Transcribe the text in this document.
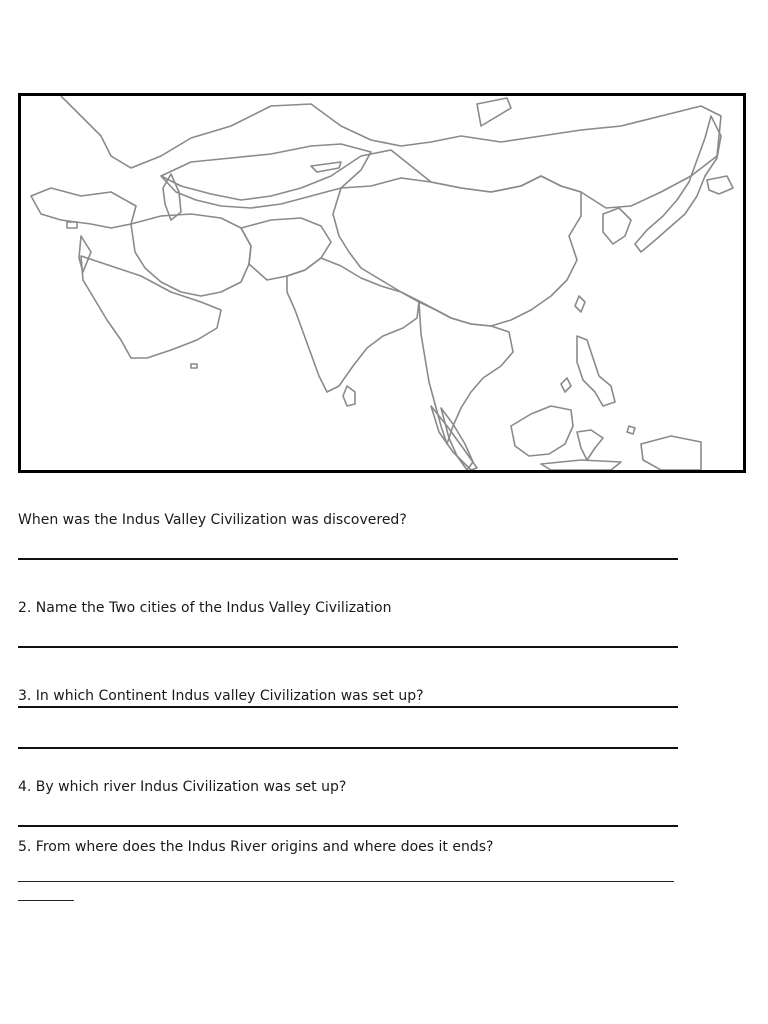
When was the Indus Valley Civilization was discovered?
2. Name the Two cities of the Indus Valley Civilization
3. In which Continent Indus valley Civilization was set up?
4. By which river Indus Civilization was set up?
5. From where does the Indus River origins and where does it ends?
